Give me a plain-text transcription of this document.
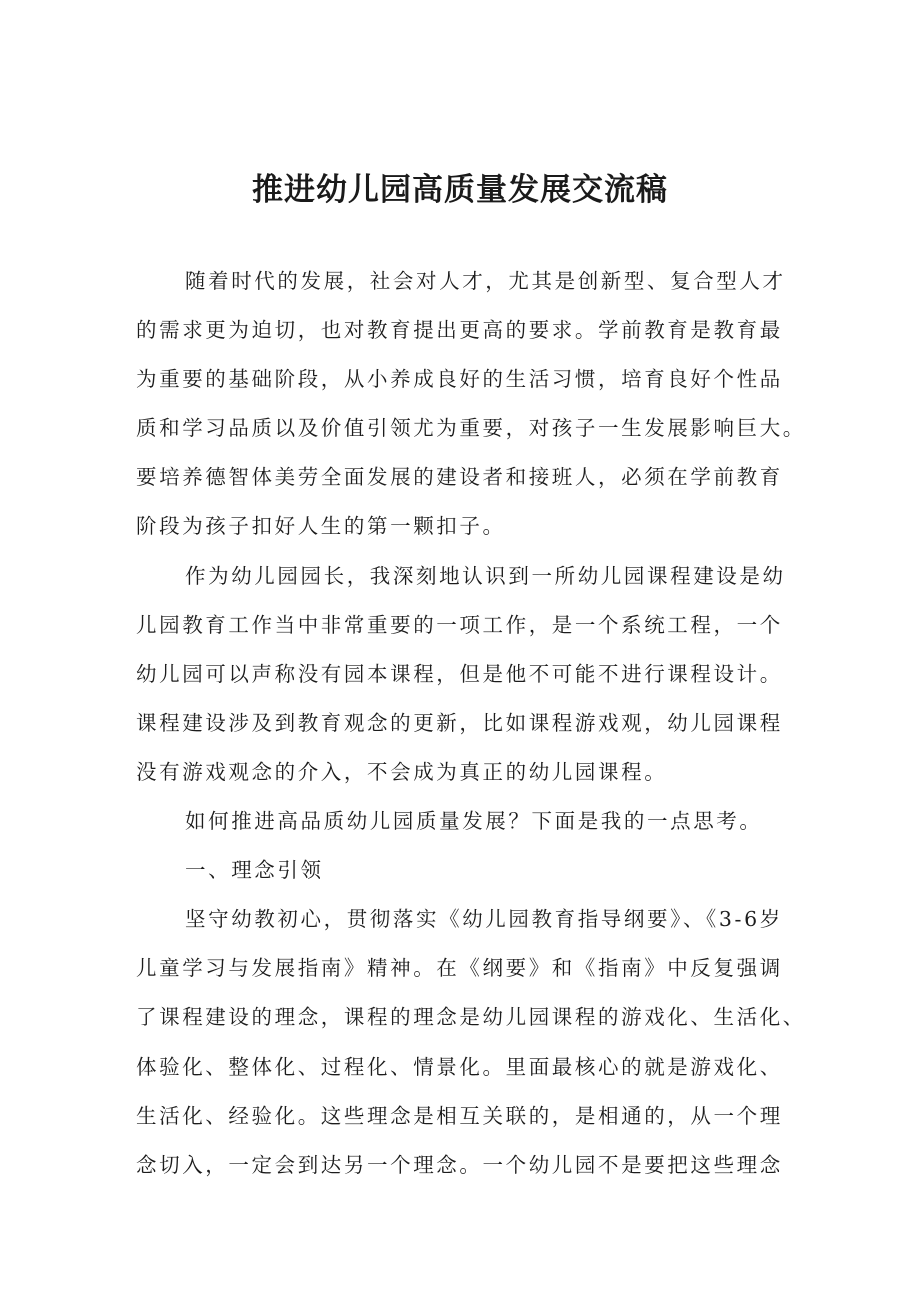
推进幼儿园高质量发展交流稿
随着时代的发展，社会对人才，尤其是创新型、复合型人才
的需求更为迫切，也对教育提出更高的要求。学前教育是教育最
为重要的基础阶段，从小养成良好的生活习惯，培育良好个性品
质和学习品质以及价值引领尤为重要，对孩子一生发展影响巨大。
要培养德智体美劳全面发展的建设者和接班人，必须在学前教育
阶段为孩子扣好人生的第一颗扣子。
作为幼儿园园长，我深刻地认识到一所幼儿园课程建设是幼
儿园教育工作当中非常重要的一项工作，是一个系统工程，一个
幼儿园可以声称没有园本课程，但是他不可能不进行课程设计。
课程建设涉及到教育观念的更新，比如课程游戏观，幼儿园课程
没有游戏观念的介入，不会成为真正的幼儿园课程。
如何推进高品质幼儿园质量发展？下面是我的一点思考。
一、理念引领
坚守幼教初心，贯彻落实《幼儿园教育指导纲要》、《3-6岁
儿童学习与发展指南》精神。在《纲要》和《指南》中反复强调
了课程建设的理念，课程的理念是幼儿园课程的游戏化、生活化、
体验化、整体化、过程化、情景化。里面最核心的就是游戏化、
生活化、经验化。这些理念是相互关联的，是相通的，从一个理
念切入，一定会到达另一个理念。一个幼儿园不是要把这些理念
